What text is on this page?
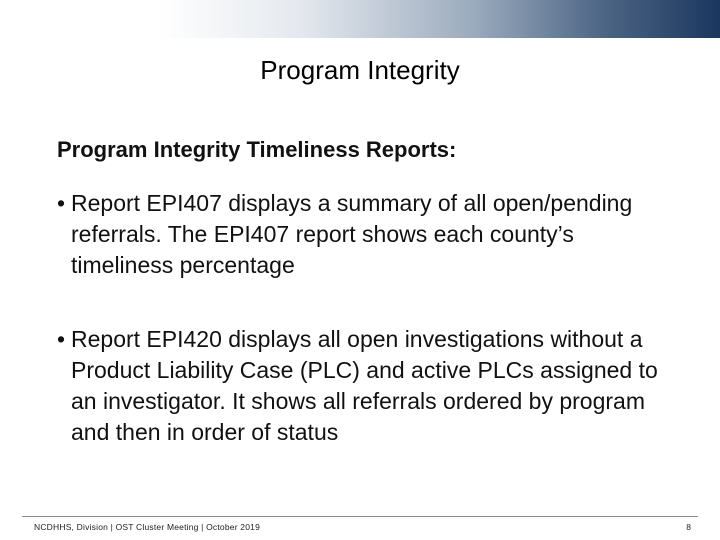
Program Integrity
Program Integrity Timeliness Reports:
• Report EPI407 displays a summary of all open/pending referrals. The EPI407 report shows each county’s timeliness percentage
• Report EPI420 displays all open investigations without a Product Liability Case (PLC) and active PLCs assigned to an investigator. It shows all referrals ordered by program and then in order of status
NCDHHS, Division | OST Cluster Meeting | October 2019	8
